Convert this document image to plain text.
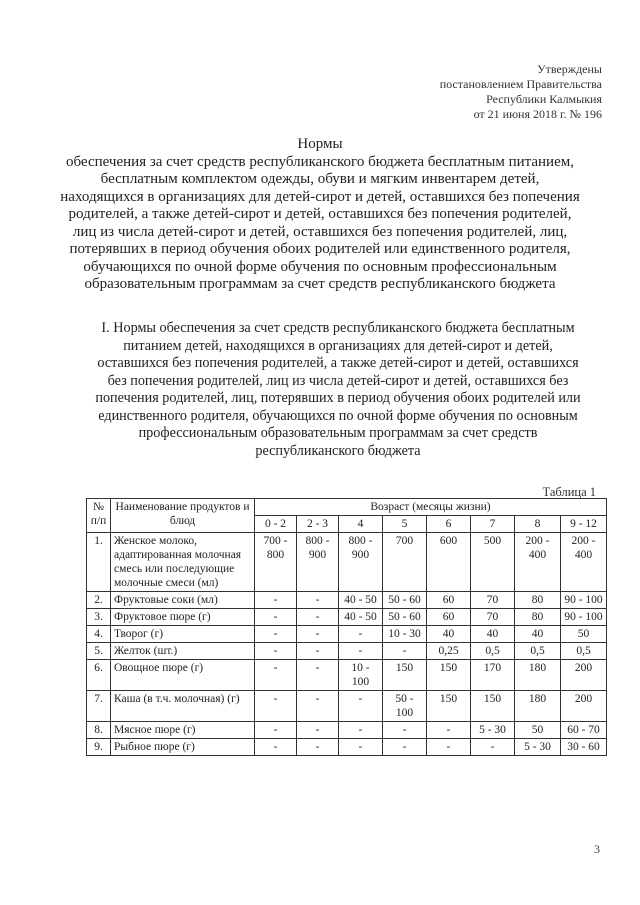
Утверждены
постановлением Правительства
Республики Калмыкия
от 21 июня 2018 г. № 196
Нормы
обеспечения за счет средств республиканского бюджета бесплатным питанием, бесплатным комплектом одежды, обуви и мягким инвентарем детей, находящихся в организациях для детей-сирот и детей, оставшихся без попечения родителей, а также детей-сирот и детей, оставшихся без попечения родителей, лиц из числа детей-сирот и детей, оставшихся без попечения родителей, лиц, потерявших в период обучения обоих родителей или единственного родителя, обучающихся по очной форме обучения по основным профессиональным образовательным программам за счет средств республиканского бюджета
I. Нормы обеспечения за счет средств республиканского бюджета бесплатным питанием детей, находящихся в организациях для детей-сирот и детей, оставшихся без попечения родителей, а также детей-сирот и детей, оставшихся без попечения родителей, лиц из числа детей-сирот и детей, оставшихся без попечения родителей, лиц, потерявших в период обучения обоих родителей или единственного родителя, обучающихся по очной форме обучения по основным профессиональным образовательным программам за счет средств республиканского бюджета
Таблица 1
№ п/п	Наименование продуктов и блюд	Возраст (месяцы жизни)							
		0 - 2	2 - 3	4	5	6	7	8	9 - 12
1.	Женское молоко, адаптированная молочная смесь или последующие молочные смеси (мл)	700 - 800	800 - 900	800 - 900	700	600	500	200 - 400	200 - 400
2.	Фруктовые соки (мл)	-	-	40 - 50	50 - 60	60	70	80	90 - 100
3.	Фруктовое пюре (г)	-	-	40 - 50	50 - 60	60	70	80	90 - 100
4.	Творог (г)	-	-	-	10 - 30	40	40	40	50
5.	Желток (шт.)	-	-	-	-	0,25	0,5	0,5	0,5
6.	Овощное пюре (г)	-	-	10 - 100	150	150	170	180	200
7.	Каша (в т.ч. молочная) (г)	-	-	-	50 - 100	150	150	180	200
8.	Мясное пюре (г)	-	-	-	-	-	5 - 30	50	60 - 70
9.	Рыбное пюре (г)	-	-	-	-	-	-	5 - 30	30 - 60
3
